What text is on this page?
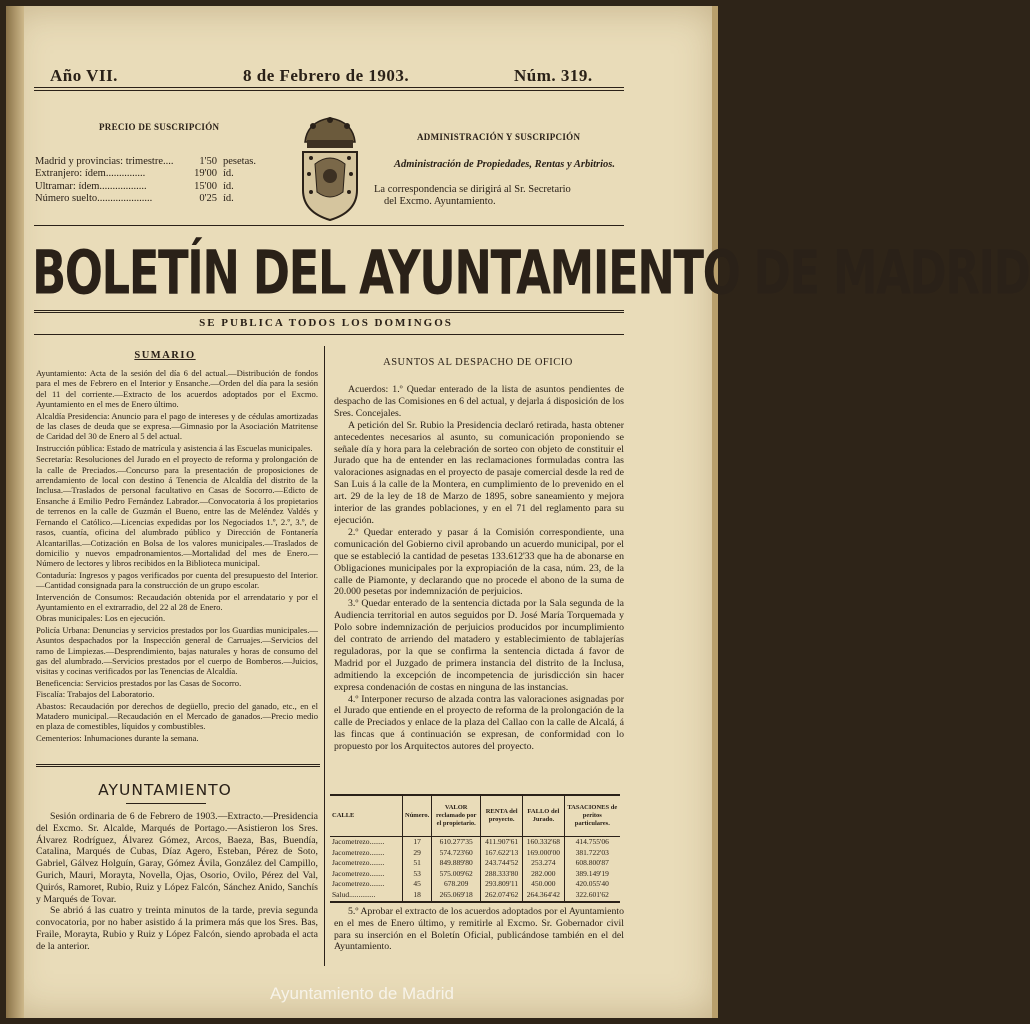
Año VII.	8 de Febrero de 1903.	Núm. 319.
PRECIO DE SUSCRIPCIÓN
Madrid y provincias: trimestre....	1'50 pesetas.
Extranjero: ídem...............	19'00 íd.
Ultramar: ídem..................	15'00 íd.
Número suelto.....................	0'25 íd.
ADMINISTRACIÓN Y SUSCRIPCIÓN
Administración de Propiedades, Rentas y Arbitrios.
La correspondencia se dirigirá al Sr. Secretario
del Excmo. Ayuntamiento.
BOLETÍN DEL AYUNTAMIENTO DE MADRID
SE PUBLICA TODOS LOS DOMINGOS
SUMARIO

Ayuntamiento: Acta de la sesión del día 6 del actual.—Distribución de fondos para el mes de Febrero en el Interior y Ensanche.—Orden del día para la sesión del 11 del corriente.—Extracto de los acuerdos adoptados por el Excmo. Ayuntamiento en el mes de Enero último.

Alcaldía Presidencia: Anuncio para el pago de intereses y de cédulas amortizadas de las clases de deuda que se expresa.—Gimnasio por la Asociación Matritense de Caridad del 30 de Enero al 5 del actual.

Instrucción pública: Estado de matrícula y asistencia á las Escuelas municipales.

Secretaría: Resoluciones del Jurado en el proyecto de reforma y prolongación de la calle de Preciados.—Concurso para la presentación de proposiciones de arrendamiento de local con destino á Tenencia de Alcaldía del distrito de la Inclusa.—Traslados de personal facultativo en Casas de Socorro.—Edicto de Ensanche á Emilio Pedro Fernández Labrador.—Convocatoria á los propietarios de terrenos en la calle de Guzmán el Bueno, entre las de Meléndez Valdés y Fernando el Católico.—Licencias expedidas por los Negociados 1.º, 2.º, 3.º, de rasos, cuantía, oficina del alumbrado público y Dirección de Fontanería Alcantarillas.—Cotización en Bolsa de los valores municipales.—Traslados de domicilio y nuevos empadronamientos.—Mortalidad del mes de Enero.—Número de lectores y libros recibidos en la Biblioteca municipal.

Contaduría: Ingresos y pagos verificados por cuenta del presupuesto del Interior.—Cantidad consignada para la construcción de un grupo escolar.

Intervención de Consumos: Recaudación obtenida por el arrendatario y por el Ayuntamiento en el extrarradio, del 22 al 28 de Enero.

Obras municipales: Los en ejecución.

Policía Urbana: Denuncias y servicios prestados por los Guardias municipales.—Asuntos despachados por la Inspección general de Carruajes.—Servicios del ramo de Limpiezas.—Desprendimiento, bajas naturales y horas de consumo del gas del alumbrado.—Servicios prestados por el cuerpo de Bomberos.—Juicios, visitas y cocinas verificados por las Tenencias de Alcaldía.

Beneficencia: Servicios prestados por las Casas de Socorro.

Fiscalía: Trabajos del Laboratorio.

Abastos: Recaudación por derechos de degüello, precio del ganado, etc., en el Matadero municipal.—Recaudación en el Mercado de ganados.—Precio medio en plaza de comestibles, líquidos y combustibles.

Cementerios: Inhumaciones durante la semana.

AYUNTAMIENTO

Sesión ordinaria de 6 de Febrero de 1903.—Extracto.—Presidencia del Excmo. Sr. Alcalde, Marqués de Portago.—Asistieron los Sres. Álvarez Rodríguez, Álvarez Gómez, Arcos, Baeza, Bas, Buendía, Catalina, Marqués de Cubas, Díaz Agero, Esteban, Pérez de Soto, Gabriel, Gálvez Holguín, Garay, Gómez Ávila, González del Campillo, Gurich, Mauri, Morayta, Novella, Ojas, Osorio, Ovilo, Pérez del Val, Quirós, Ramoret, Rubio, Ruiz y López Falcón, Sánchez Anido, Sanchís y Marqués de Tovar.

Se abrió á las cuatro y treinta minutos de la tarde, previa segunda convocatoria, por no haber asistido á la primera más que los Sres. Bas, Fraile, Morayta, Rubio y Ruiz y López Falcón, siendo aprobada el acta de la anterior.

ASUNTOS AL DESPACHO DE OFICIO

Acuerdos: 1.º Quedar enterado de la lista de asuntos pendientes de despacho de las Comisiones en 6 del actual, y dejarla á disposición de los Sres. Concejales.

A petición del Sr. Rubio la Presidencia declaró retirada, hasta obtener antecedentes necesarios al asunto, su comunicación proponiendo se señale día y hora para la celebración de sorteo con objeto de constituir el Jurado que ha de entender en las reclamaciones formuladas contra las valoraciones asignadas en el proyecto de pasaje comercial desde la red de San Luis á la calle de la Montera, en cumplimiento de lo prevenido en el art. 29 de la ley de 18 de Marzo de 1895, sobre saneamiento y mejora interior de las grandes poblaciones, y en el 71 del reglamento para su ejecución.

2.º Quedar enterado y pasar á la Comisión correspondiente, una comunicación del Gobierno civil aprobando un acuerdo municipal, por el que se estableció la cantidad de pesetas 133.612'33 que ha de abonarse en Obligaciones municipales por la expropiación de la casa, núm. 23, de la calle de Piamonte, y declarando que no procede el abono de la suma de 20.000 pesetas por indemnización de perjuicios.

3.º Quedar enterado de la sentencia dictada por la Sala segunda de la Audiencia territorial en autos seguidos por D. José María Torquemada y Polo sobre indemnización de perjuicios producidos por incumplimiento del contrato de arriendo del matadero y establecimiento de tablajerías reguladoras, por la que se confirma la sentencia dictada á favor de Madrid por el Juzgado de primera instancia del distrito de la Inclusa, admitiendo la excepción de incompetencia de jurisdicción sin hacer expresa condenación de costas en ninguna de las instancias.

4.º Interponer recurso de alzada contra las valoraciones asignadas por el Jurado que entiende en el proyecto de reforma de la prolongación de la calle de Preciados y enlace de la plaza del Callao con la calle de Alcalá, á las fincas que á continuación se expresan, de conformidad con lo propuesto por los Arquitectos autores del proyecto.

CALLE	Número.	VALOR reclamado por el propietario.	RENTA del proyecto.	FALLO del Jurado.	TASACIONES de peritos particulares.
Jacometrezo........	17	610.277'35	411.907'61	160.332'68	414.755'06
Jacometrezo........	29	574.723'60	167.622'13	169.000'00	381.722'03
Jacometrezo........	51	849.889'80	243.744'52	253.274	608.800'87
Jacometrezo........	53	575.009'62	288.333'80	282.000	389.149'19
Jacometrezo........	45	678.209	293.809'11	450.000	420.055'40
Salud..............	18	265.069'18	262.074'62	264.364'42	322.601'62

5.º Aprobar el extracto de los acuerdos adoptados por el Ayuntamiento en el mes de Enero último, y remitirle al Excmo. Sr. Gobernador civil para su inserción en el Boletín Oficial, publicándose también en el del Ayuntamiento.

Ayuntamiento de Madrid
